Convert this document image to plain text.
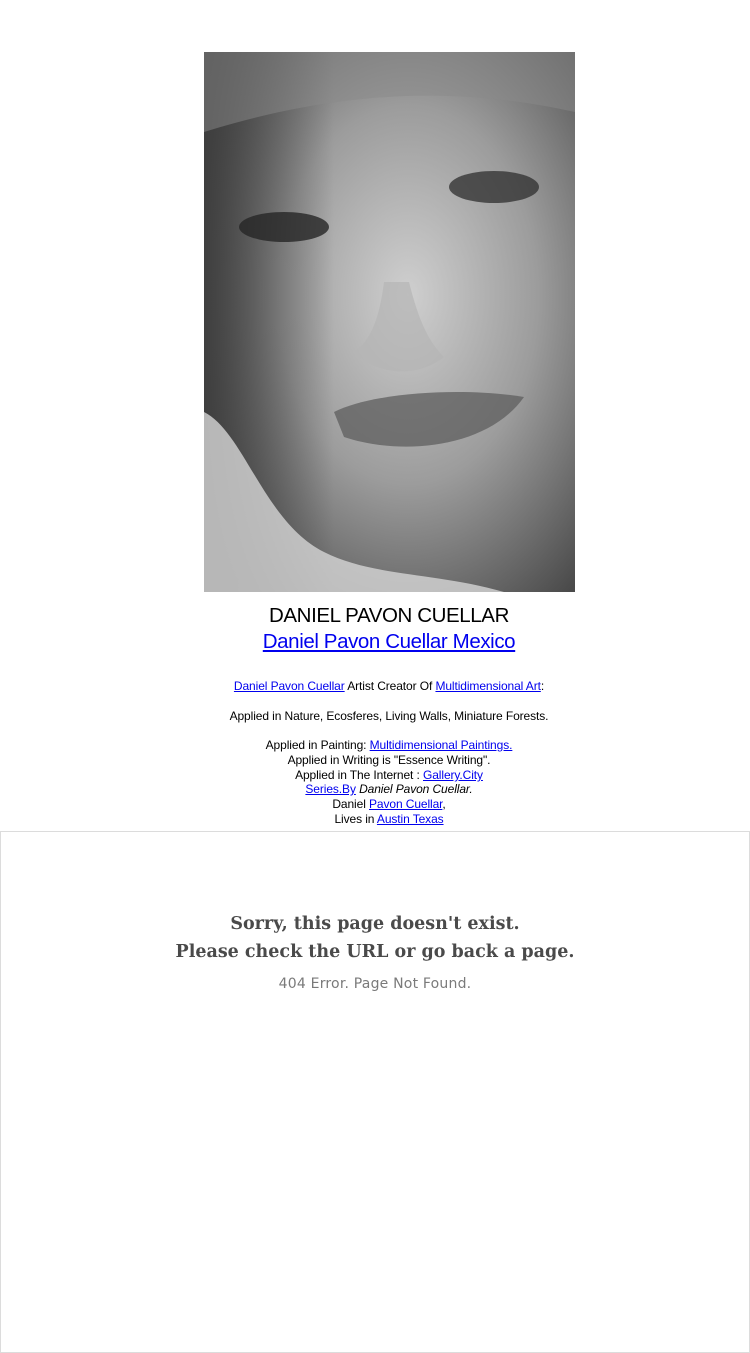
DANIEL PAVON CUELLAR
Daniel Pavon Cuellar Mexico
Daniel Pavon Cuellar Artist Creator Of Multidimensional Art:
Applied in Nature, Ecosferes, Living Walls, Miniature Forests.
Applied in Painting: Multidimensional Paintings.
Applied in Writing is "Essence Writing".
Applied in The Internet : Gallery.City
Series.By Daniel Pavon Cuellar.
Daniel Pavon Cuellar,
Lives in Austin Texas
Sorry, this page doesn't exist.
Please check the URL or go back a page.
404 Error. Page Not Found.
